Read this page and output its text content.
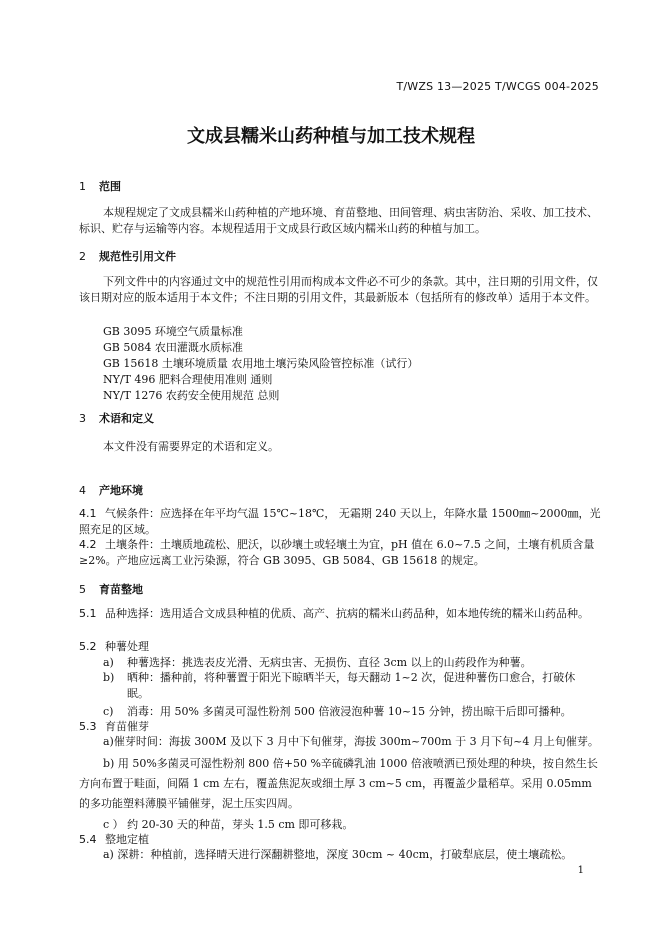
T/WZS 13—2025 T/WCGS 004-2025
文成县糯米山药种植与加工技术规程
1 范围
本规程规定了文成县糯米山药种植的产地环境、育苗整地、田间管理、病虫害防治、采收、加工技术、标识、贮存与运输等内容。本规程适用于文成县行政区域内糯米山药的种植与加工。
2 规范性引用文件
下列文件中的内容通过文中的规范性引用而构成本文件必不可少的条款。其中，注日期的引用文件，仅该日期对应的版本适用于本文件；不注日期的引用文件，其最新版本（包括所有的修改单）适用于本文件。
GB 3095 环境空气质量标准
GB 5084 农田灌溉水质标准
GB 15618 土壤环境质量 农用地土壤污染风险管控标准（试行）
NY/T 496 肥料合理使用准则 通则
NY/T 1276 农药安全使用规范 总则
3 术语和定义
本文件没有需要界定的术语和定义。
4 产地环境
4.1 气候条件：应选择在年平均气温 15℃~18℃， 无霜期 240 天以上，年降水量 1500㎜~2000㎜，光照充足的区域。
4.2 土壤条件：土壤质地疏松、肥沃，以砂壤土或轻壤土为宜，pH 值在 6.0~7.5 之间，土壤有机质含量≥2%。产地应远离工业污染源，符合 GB 3095、GB 5084、GB 15618 的规定。
5 育苗整地
5.1 品种选择：选用适合文成县种植的优质、高产、抗病的糯米山药品种，如本地传统的糯米山药品种。
5.2 种薯处理
a) 种薯选择：挑选表皮光滑、无病虫害、无损伤、直径 3cm 以上的山药段作为种薯。
b)	晒种：播种前，将种薯置于阳光下晾晒半天，每天翻动 1~2 次，促进种薯伤口愈合，打破休眠。
c) 消毒：用 50% 多菌灵可湿性粉剂 500 倍液浸泡种薯 10~15 分钟，捞出晾干后即可播种。
5.3 育苗催芽
a)催芽时间：海拔 300M 及以下 3 月中下旬催芽，海拔 300m~700m 于 3 月下旬~4 月上旬催芽。
b) 用 50%多菌灵可湿性粉剂 800 倍+50 %辛硫磷乳油 1000 倍液喷洒已预处理的种块，按自然生长方向布置于畦面，间隔 1 cm 左右，覆盖焦泥灰或细土厚 3 cm~5 cm，再覆盖少量稻草。采用 0.05mm 的多功能塑料薄膜平铺催芽，泥土压实四周。
c ） 约 20-30 天的种苗，芽头 1.5 cm 即可移栽。
5.4 整地定植
a) 深耕：种植前，选择晴天进行深翻耕整地，深度 30cm ~ 40cm，打破犁底层，使土壤疏松。
1
